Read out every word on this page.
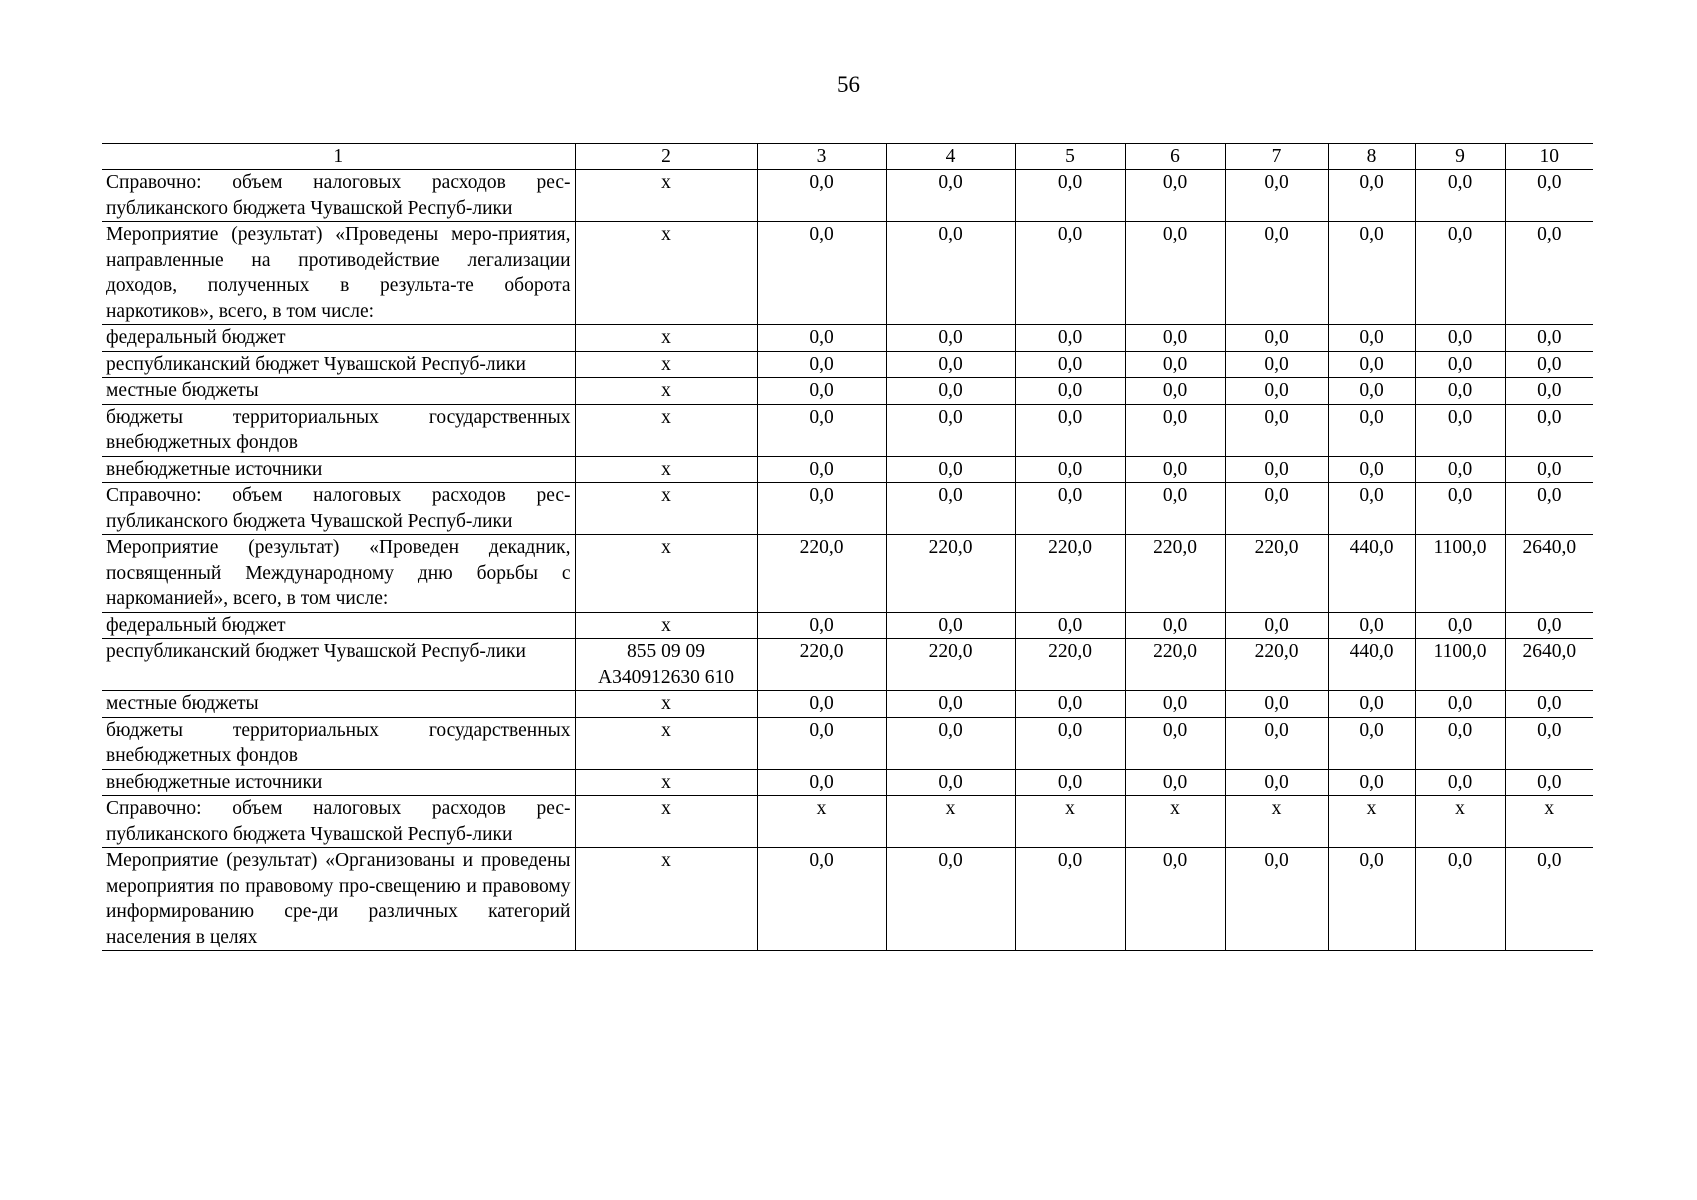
56
1	2	3	4	5	6	7	8	9	10
Справочно: объем налоговых расходов рес-публиканского бюджета Чувашской Респуб-лики	х	0,0	0,0	0,0	0,0	0,0	0,0	0,0	0,0
Мероприятие (результат) «Проведены меро-приятия, направленные на противодействие легализации доходов, полученных в результа-те оборота наркотиков», всего, в том числе:	х	0,0	0,0	0,0	0,0	0,0	0,0	0,0	0,0
федеральный бюджет	х	0,0	0,0	0,0	0,0	0,0	0,0	0,0	0,0
республиканский бюджет Чувашской Респуб-лики	х	0,0	0,0	0,0	0,0	0,0	0,0	0,0	0,0
местные бюджеты	х	0,0	0,0	0,0	0,0	0,0	0,0	0,0	0,0
бюджеты территориальных государственных внебюджетных фондов	х	0,0	0,0	0,0	0,0	0,0	0,0	0,0	0,0
внебюджетные источники	х	0,0	0,0	0,0	0,0	0,0	0,0	0,0	0,0
Справочно: объем налоговых расходов рес-публиканского бюджета Чувашской Респуб-лики	х	0,0	0,0	0,0	0,0	0,0	0,0	0,0	0,0
Мероприятие (результат) «Проведен декадник, посвященный Международному дню борьбы с наркоманией», всего, в том числе:	х	220,0	220,0	220,0	220,0	220,0	440,0	1100,0	2640,0
федеральный бюджет	х	0,0	0,0	0,0	0,0	0,0	0,0	0,0	0,0
республиканский бюджет Чувашской Респуб-лики	855 09 09 А340912630 610	220,0	220,0	220,0	220,0	220,0	440,0	1100,0	2640,0
местные бюджеты	х	0,0	0,0	0,0	0,0	0,0	0,0	0,0	0,0
бюджеты территориальных государственных внебюджетных фондов	х	0,0	0,0	0,0	0,0	0,0	0,0	0,0	0,0
внебюджетные источники	х	0,0	0,0	0,0	0,0	0,0	0,0	0,0	0,0
Справочно: объем налоговых расходов рес-публиканского бюджета Чувашской Респуб-лики	х	х	х	х	х	х	х	х	х
Мероприятие (результат) «Организованы и проведены мероприятия по правовому про-свещению и правовому информированию сре-ди различных категорий населения в целях	х	0,0	0,0	0,0	0,0	0,0	0,0	0,0	0,0
